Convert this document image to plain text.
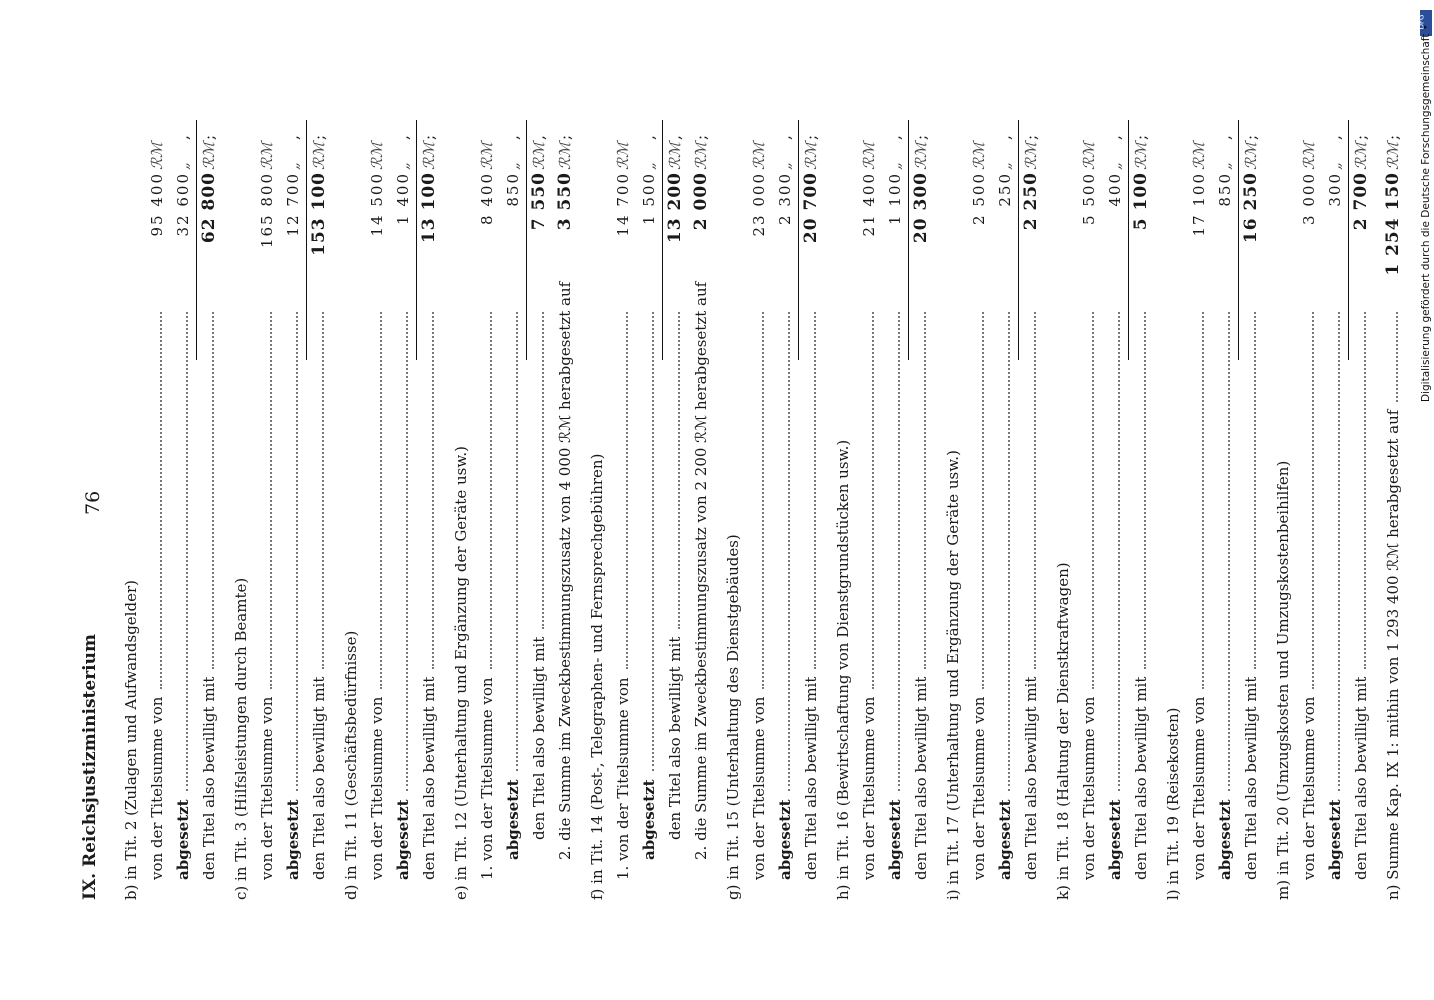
IX. Reichsjustizministerium
76
b) in Tit. 2 (Zulagen und Aufwandsgelder) von der Titelsumme von
95 400
ℛℳ
abgesetzt
32 600
„
,
den Titel also bewilligt mit
62 800
ℛℳ
;
c) in Tit. 3 (Hilfsleistungen durch Beamte) von der Titelsumme von
165 800
ℛℳ
abgesetzt
12 700
„
,
den Titel also bewilligt mit
153 100
ℛℳ
;
d) in Tit. 11 (Geschäftsbedürfnisse) von der Titelsumme von
14 500
ℛℳ
abgesetzt
1 400
„
,
den Titel also bewilligt mit
13 100
ℛℳ
;
e) in Tit. 12 (Unterhaltung und Ergänzung der Geräte usw.) 1. von der Titelsumme von
8 400
ℛℳ
abgesetzt
850
„
,
den Titel also bewilligt mit
7 550
ℛℳ
,
2. die Summe im Zweckbestimmungszusatz von 4 000 ℛℳ herabgesetzt auf
3 550
ℛℳ
;
f) in Tit. 14 (Post-, Telegraphen- und Fernsprechgebühren) 1. von der Titelsumme von
14 700
ℛℳ
abgesetzt
1 500
„
,
den Titel also bewilligt mit
13 200
ℛℳ
,
2. die Summe im Zweckbestimmungszusatz von 2 200 ℛℳ herabgesetzt auf
2 000
ℛℳ
;
g) in Tit. 15 (Unterhaltung des Dienstgebäudes) von der Titelsumme von
23 000
ℛℳ
abgesetzt
2 300
„
,
den Titel also bewilligt mit
20 700
ℛℳ
;
h) in Tit. 16 (Bewirtschaftung von Dienstgrundstücken usw.) von der Titelsumme von
21 400
ℛℳ
abgesetzt
1 100
„
,
den Titel also bewilligt mit
20 300
ℛℳ
;
i) in Tit. 17 (Unterhaltung und Ergänzung der Geräte usw.) von der Titelsumme von
2 500
ℛℳ
abgesetzt
250
„
,
den Titel also bewilligt mit
2 250
ℛℳ
;
k) in Tit. 18 (Haltung der Dienstkraftwagen) von der Titelsumme von
5 500
ℛℳ
abgesetzt
400
„
,
den Titel also bewilligt mit
5 100
ℛℳ
;
l) in Tit. 19 (Reisekosten) von der Titelsumme von
17 100
ℛℳ
abgesetzt
850
„
,
den Titel also bewilligt mit
16 250
ℛℳ
;
m) in Tit. 20 (Umzugskosten und Umzugskostenbeihilfen) von der Titelsumme von
3 000
ℛℳ
abgesetzt
300
„
,
den Titel also bewilligt mit
2 700
ℛℳ
;
n) Summe Kap. IX 1: mithin von 1 293 400 ℛℳ herabgesetzt auf
1 254 150
ℛℳ
;
DFG
Digitalisierung gefördert durch die Deutsche Forschungsgemeinschaft •
